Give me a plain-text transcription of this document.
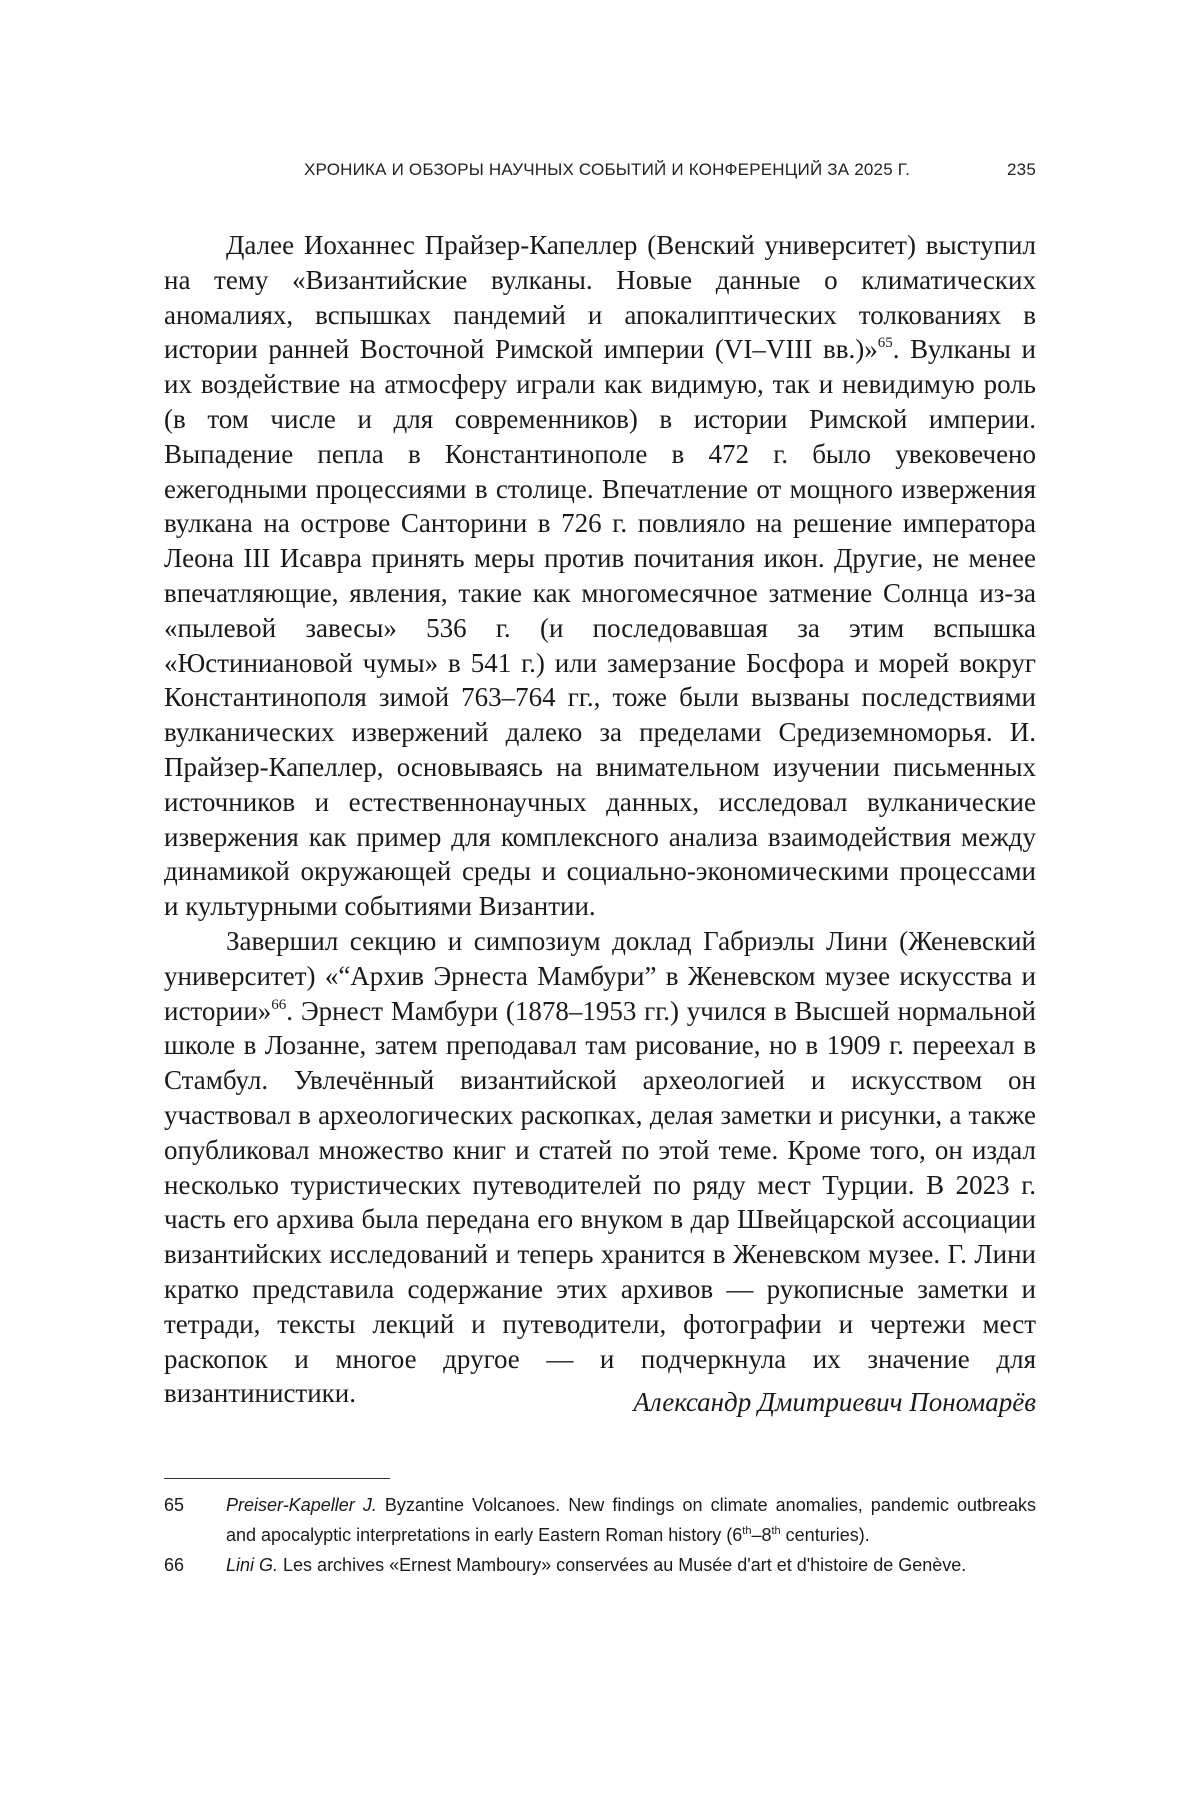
ХРОНИКА И ОБЗОРЫ НАУЧНЫХ СОБЫТИЙ И КОНФЕРЕНЦИЙ ЗА 2025 Г.	235

Далее Иоханнес Прайзер-Капеллер (Венский университет) выступил на тему «Византийские вулканы. Новые данные о климатических аномалиях, вспышках пандемий и апокалиптических толкованиях в истории ранней Восточной Римской империи (VI–VIII вв.)»$^{65}$. Вулканы и их воздействие на атмосферу играли как видимую, так и невидимую роль (в том числе и для современников) в истории Римской империи. Выпадение пепла в Константинополе в 472 г. было увековечено ежегодными процессиями в столице. Впечатление от мощного извержения вулкана на острове Санторини в 726 г. повлияло на решение императора Леона III Исавра принять меры против почитания икон. Другие, не менее впечатляющие, явления, такие как многомесячное затмение Солнца из-за «пылевой завесы» 536 г. (и последовавшая за этим вспышка «Юстиниановой чумы» в 541 г.) или замерзание Босфора и морей вокруг Константинополя зимой 763–764 гг., тоже были вызваны последствиями вулканических извержений далеко за пределами Средиземноморья. И. Прайзер-Капеллер, основываясь на внимательном изучении письменных источников и естественнонаучных данных, исследовал вулканические извержения как пример для комплексного анализа взаимодействия между динамикой окружающей среды и социально-экономическими процессами и культурными событиями Византии.

Завершил секцию и симпозиум доклад Габриэлы Лини (Женевский университет) «“Архив Эрнеста Мамбури” в Женевском музее искусства и истории»$^{66}$. Эрнест Мамбури (1878–1953 гг.) учился в Высшей нормальной школе в Лозанне, затем преподавал там рисование, но в 1909 г. переехал в Стамбул. Увлечённый византийской археологией и искусством он участвовал в археологических раскопках, делая заметки и рисунки, а также опубликовал множество книг и статей по этой теме. Кроме того, он издал несколько туристических путеводителей по ряду мест Турции. В 2023 г. часть его архива была передана его внуком в дар Швейцарской ассоциации византийских исследований и теперь хранится в Женевском музее. Г. Лини кратко представила содержание этих архивов — рукописные заметки и тетради, тексты лекций и путеводители, фотографии и чертежи мест раскопок и многое другое — и подчеркнула их значение для византинистики.	Александр Дмитриевич Пономарёв
65	Preiser-Kapeller J. Byzantine Volcanoes. New findings on climate anomalies, pandemic outbreaks and apocalyptic interpretations in early Eastern Roman history (6th–8th centuries).
66	Lini G. Les archives «Ernest Mamboury» conservées au Musée d'art et d'histoire de Genève.
